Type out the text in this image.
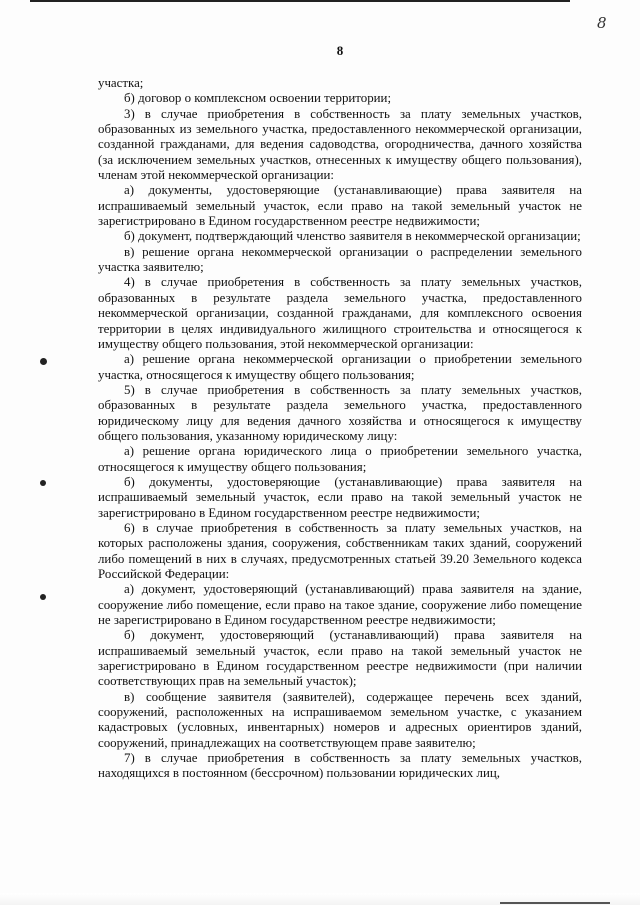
8
8

участка;

б) договор о комплексном освоении территории;

3) в случае приобретения в собственность за плату земельных участков, образованных из земельного участка, предоставленного некоммерческой организации, созданной гражданами, для ведения садоводства, огородничества, дачного хозяйства (за исключением земельных участков, отнесенных к имуществу общего пользования), членам этой некоммерческой организации:

а) документы, удостоверяющие (устанавливающие) права заявителя на испрашиваемый земельный участок, если право на такой земельный участок не зарегистрировано в Едином государственном реестре недвижимости;

б) документ, подтверждающий членство заявителя в некоммерческой организации;

в) решение органа некоммерческой организации о распределении земельного участка заявителю;

4) в случае приобретения в собственность за плату земельных участков, образованных в результате раздела земельного участка, предоставленного некоммерческой организации, созданной гражданами, для комплексного освоения территории в целях индивидуального жилищного строительства и относящегося к имуществу общего пользования, этой некоммерческой организации:

а) решение органа некоммерческой организации о приобретении земельного участка, относящегося к имуществу общего пользования;

5) в случае приобретения в собственность за плату земельных участков, образованных в результате раздела земельного участка, предоставленного юридическому лицу для ведения дачного хозяйства и относящегося к имуществу общего пользования, указанному юридическому лицу:

а) решение органа юридического лица о приобретении земельного участка, относящегося к имуществу общего пользования;

б) документы, удостоверяющие (устанавливающие) права заявителя на испрашиваемый земельный участок, если право на такой земельный участок не зарегистрировано в Едином государственном реестре недвижимости;

6) в случае приобретения в собственность за плату земельных участков, на которых расположены здания, сооружения, собственникам таких зданий, сооружений либо помещений в них в случаях, предусмотренных статьей 39.20 Земельного кодекса Российской Федерации:

а) документ, удостоверяющий (устанавливающий) права заявителя на здание, сооружение либо помещение, если право на такое здание, сооружение либо помещение не зарегистрировано в Едином государственном реестре недвижимости;

б) документ, удостоверяющий (устанавливающий) права заявителя на испрашиваемый земельный участок, если право на такой земельный участок не зарегистрировано в Едином государственном реестре недвижимости (при наличии соответствующих прав на земельный участок);

в) сообщение заявителя (заявителей), содержащее перечень всех зданий, сооружений, расположенных на испрашиваемом земельном участке, с указанием кадастровых (условных, инвентарных) номеров и адресных ориентиров зданий, сооружений, принадлежащих на соответствующем праве заявителю;

7) в случае приобретения в собственность за плату земельных участков, находящихся в постоянном (бессрочном) пользовании юридических лиц,
